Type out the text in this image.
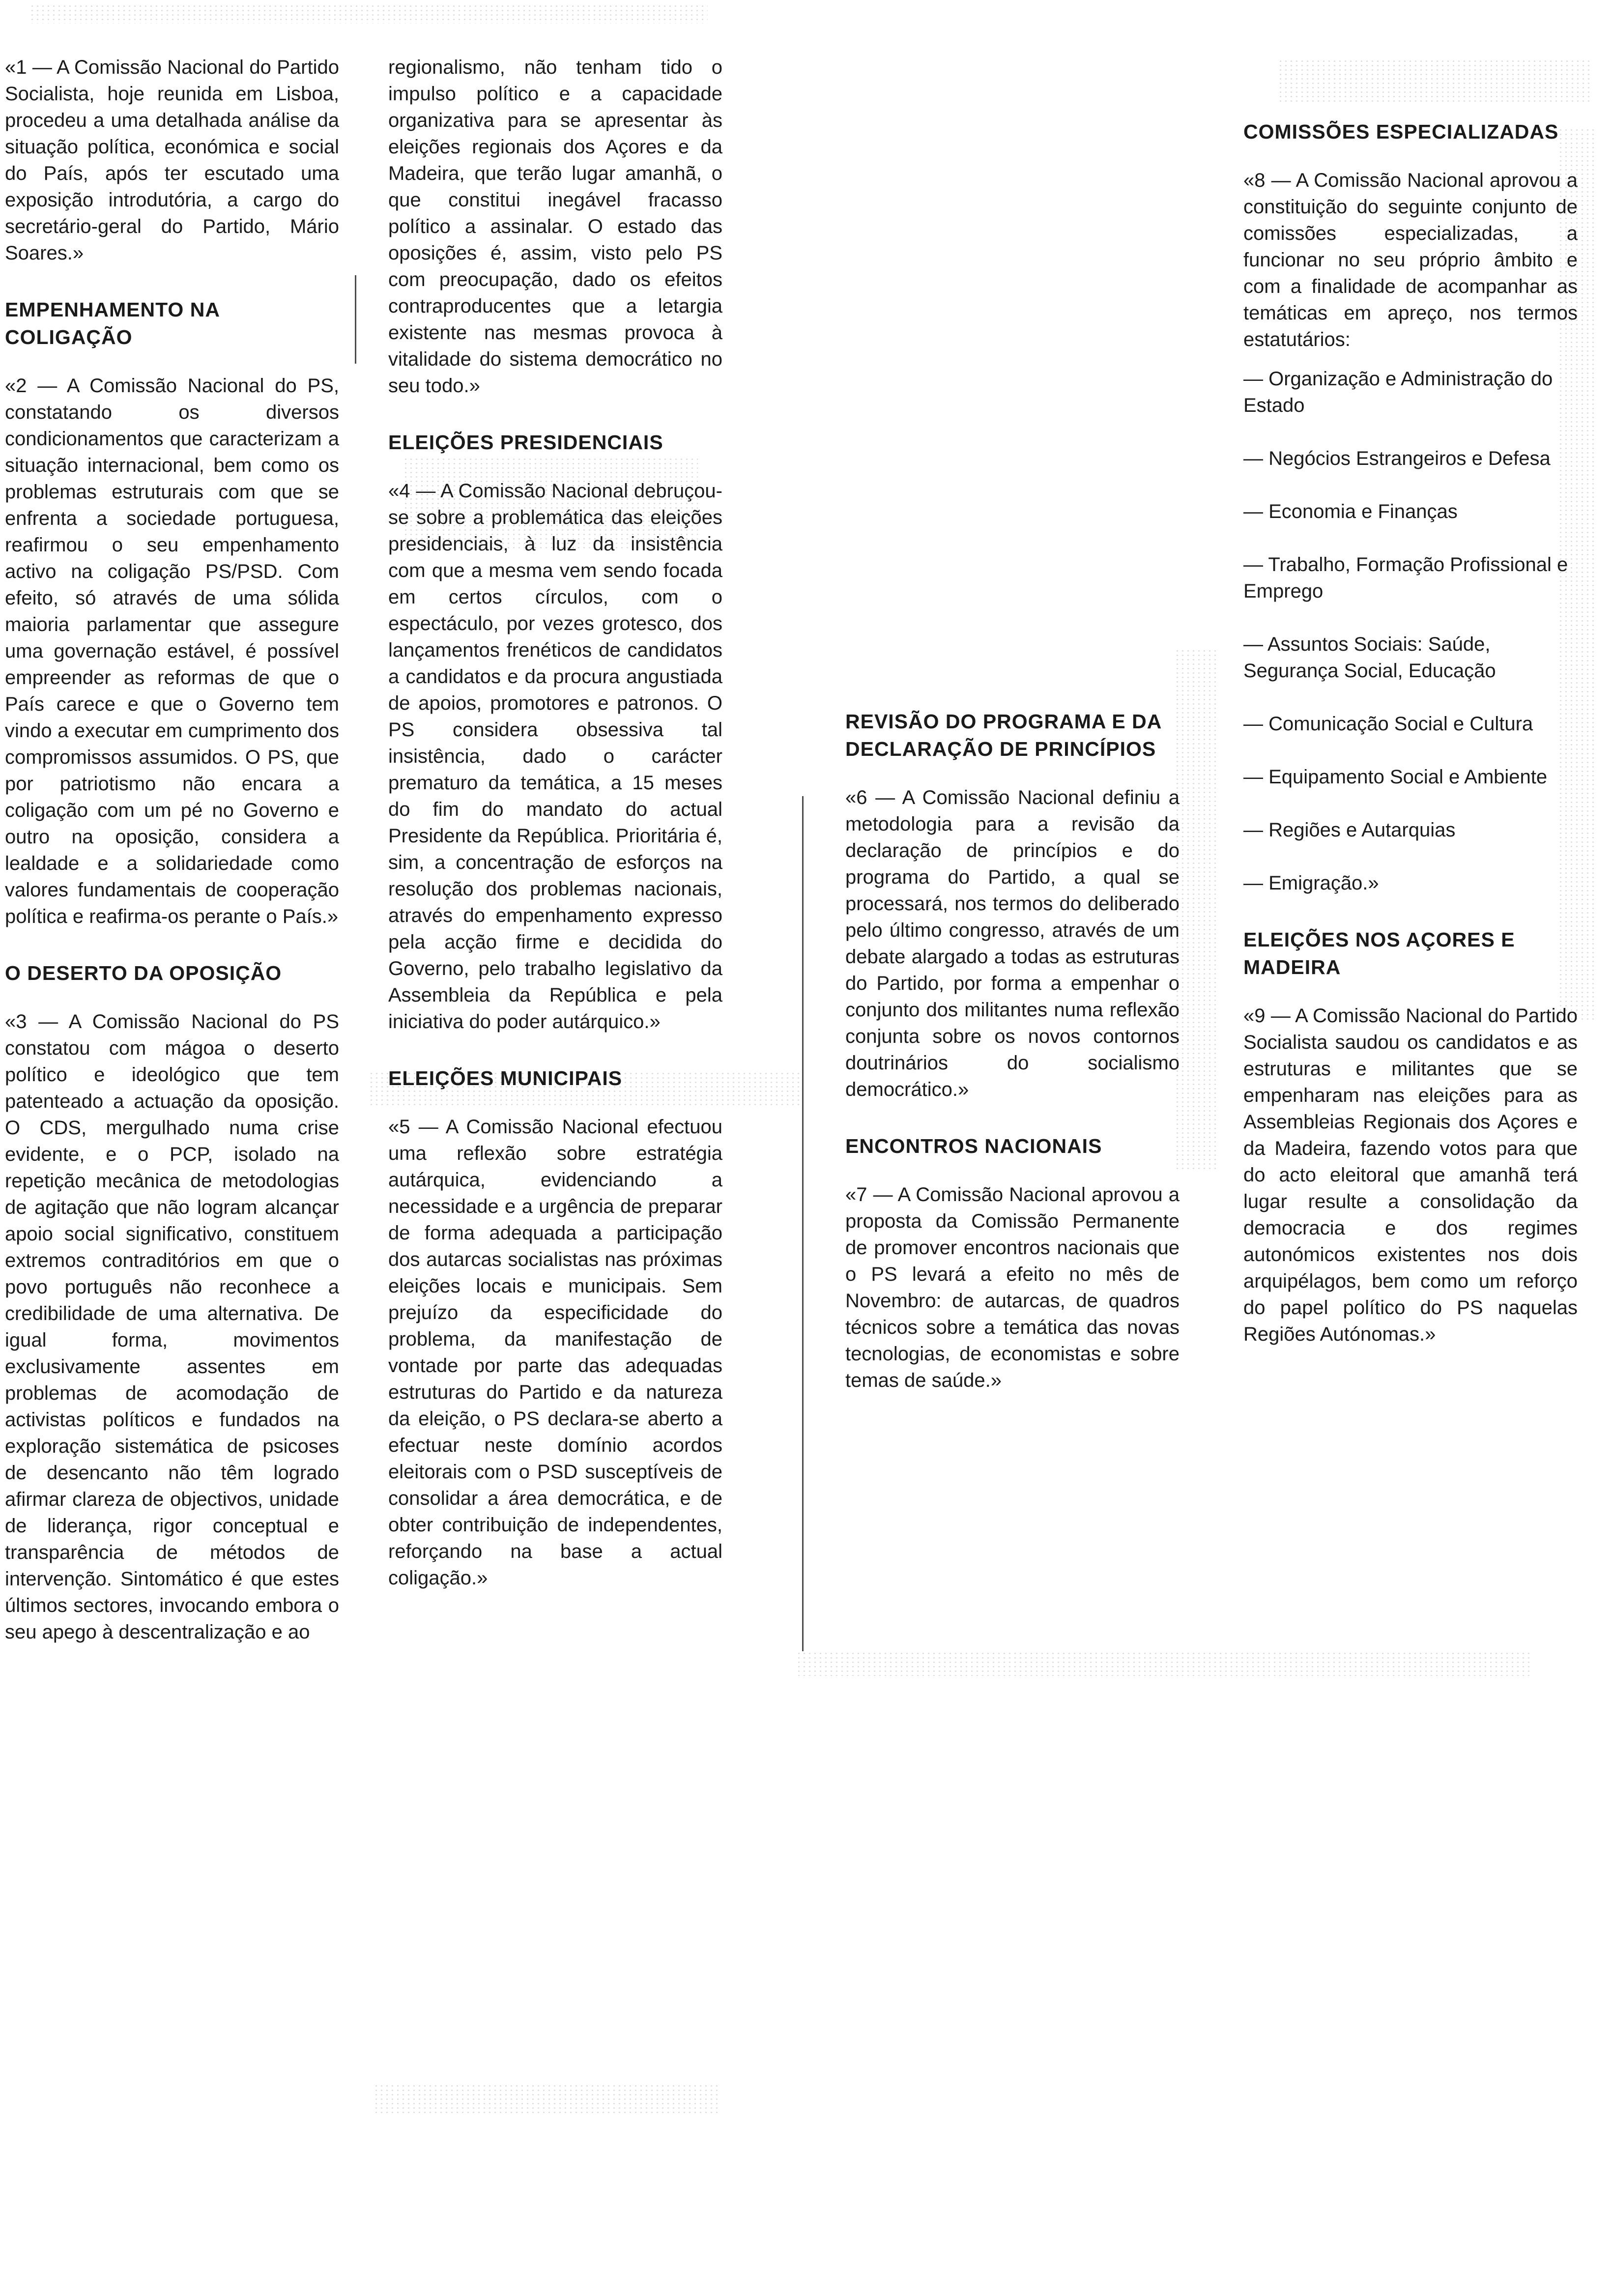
«1 — A Comissão Nacional do Partido Socialista, hoje reunida em Lisboa, procedeu a uma detalhada análise da situação política, económica e social do País, após ter escutado uma exposição introdutória, a cargo do secretário-geral do Partido, Mário Soares.»

EMPENHAMENTO NA COLIGAÇÃO

«2 — A Comissão Nacional do PS, constatando os diversos condicionamentos que caracterizam a situação internacional, bem como os problemas estruturais com que se enfrenta a sociedade portuguesa, reafirmou o seu empenhamento activo na coligação PS/PSD. Com efeito, só através de uma sólida maioria parlamentar que assegure uma governação estável, é possível empreender as reformas de que o País carece e que o Governo tem vindo a executar em cumprimento dos compromissos assumidos. O PS, que por patriotismo não encara a coligação com um pé no Governo e outro na oposição, considera a lealdade e a solidariedade como valores fundamentais de cooperação política e reafirma-os perante o País.»

O DESERTO DA OPOSIÇÃO

«3 — A Comissão Nacional do PS constatou com mágoa o deserto político e ideológico que tem patenteado a actuação da oposição. O CDS, mergulhado numa crise evidente, e o PCP, isolado na repetição mecânica de metodologias de agitação que não logram alcançar apoio social significativo, constituem extremos contraditórios em que o povo português não reconhece a credibilidade de uma alternativa. De igual forma, movimentos exclusivamente assentes em problemas de acomodação de activistas políticos e fundados na exploração sistemática de psicoses de desencanto não têm logrado afirmar clareza de objectivos, unidade de liderança, rigor conceptual e transparência de métodos de intervenção. Sintomático é que estes últimos sectores, invocando embora o seu apego à descentralização e ao

regionalismo, não tenham tido o impulso político e a capacidade organizativa para se apresentar às eleições regionais dos Açores e da Madeira, que terão lugar amanhã, o que constitui inegável fracasso político a assinalar. O estado das oposições é, assim, visto pelo PS com preocupação, dado os efeitos contraproducentes que a letargia existente nas mesmas provoca à vitalidade do sistema democrático no seu todo.»

ELEIÇÕES PRESIDENCIAIS

«4 — A Comissão Nacional debruçou-se sobre a problemática das eleições presidenciais, à luz da insistência com que a mesma vem sendo focada em certos círculos, com o espectáculo, por vezes grotesco, dos lançamentos frenéticos de candidatos a candidatos e da procura angustiada de apoios, promotores e patronos. O PS considera obsessiva tal insistência, dado o carácter prematuro da temática, a 15 meses do fim do mandato do actual Presidente da República. Prioritária é, sim, a concentração de esforços na resolução dos problemas nacionais, através do empenhamento expresso pela acção firme e decidida do Governo, pelo trabalho legislativo da Assembleia da República e pela iniciativa do poder autárquico.»

ELEIÇÕES MUNICIPAIS

«5 — A Comissão Nacional efectuou uma reflexão sobre estratégia autárquica, evidenciando a necessidade e a urgência de preparar de forma adequada a participação dos autarcas socialistas nas próximas eleições locais e municipais. Sem prejuízo da especificidade do problema, da manifestação de vontade por parte das adequadas estruturas do Partido e da natureza da eleição, o PS declara-se aberto a efectuar neste domínio acordos eleitorais com o PSD susceptíveis de consolidar a área democrática, e de obter contribuição de independentes, reforçando na base a actual coligação.»

REVISÃO DO PROGRAMA E DA DECLARAÇÃO DE PRINCÍPIOS

«6 — A Comissão Nacional definiu a metodologia para a revisão da declaração de princípios e do programa do Partido, a qual se processará, nos termos do deliberado pelo último congresso, através de um debate alargado a todas as estruturas do Partido, por forma a empenhar o conjunto dos militantes numa reflexão conjunta sobre os novos contornos doutrinários do socialismo democrático.»

ENCONTROS NACIONAIS

«7 — A Comissão Nacional aprovou a proposta da Comissão Permanente de promover encontros nacionais que o PS levará a efeito no mês de Novembro: de autarcas, de quadros técnicos sobre a temática das novas tecnologias, de economistas e sobre temas de saúde.»

COMISSÕES ESPECIALIZADAS

«8 — A Comissão Nacional aprovou a constituição do seguinte conjunto de comissões especializadas, a funcionar no seu próprio âmbito e com a finalidade de acompanhar as temáticas em apreço, nos termos estatutários:

— Organização e Administração do Estado
— Negócios Estrangeiros e Defesa
— Economia e Finanças
— Trabalho, Formação Profissional e Emprego
— Assuntos Sociais: Saúde, Segurança Social, Educação
— Comunicação Social e Cultura
— Equipamento Social e Ambiente
— Regiões e Autarquias
— Emigração.»
ELEIÇÕES NOS AÇORES E MADEIRA

«9 — A Comissão Nacional do Partido Socialista saudou os candidatos e as estruturas e militantes que se empenharam nas eleições para as Assembleias Regionais dos Açores e da Madeira, fazendo votos para que do acto eleitoral que amanhã terá lugar resulte a consolidação da democracia e dos regimes autonómicos existentes nos dois arquipélagos, bem como um reforço do papel político do PS naquelas Regiões Autónomas.»
